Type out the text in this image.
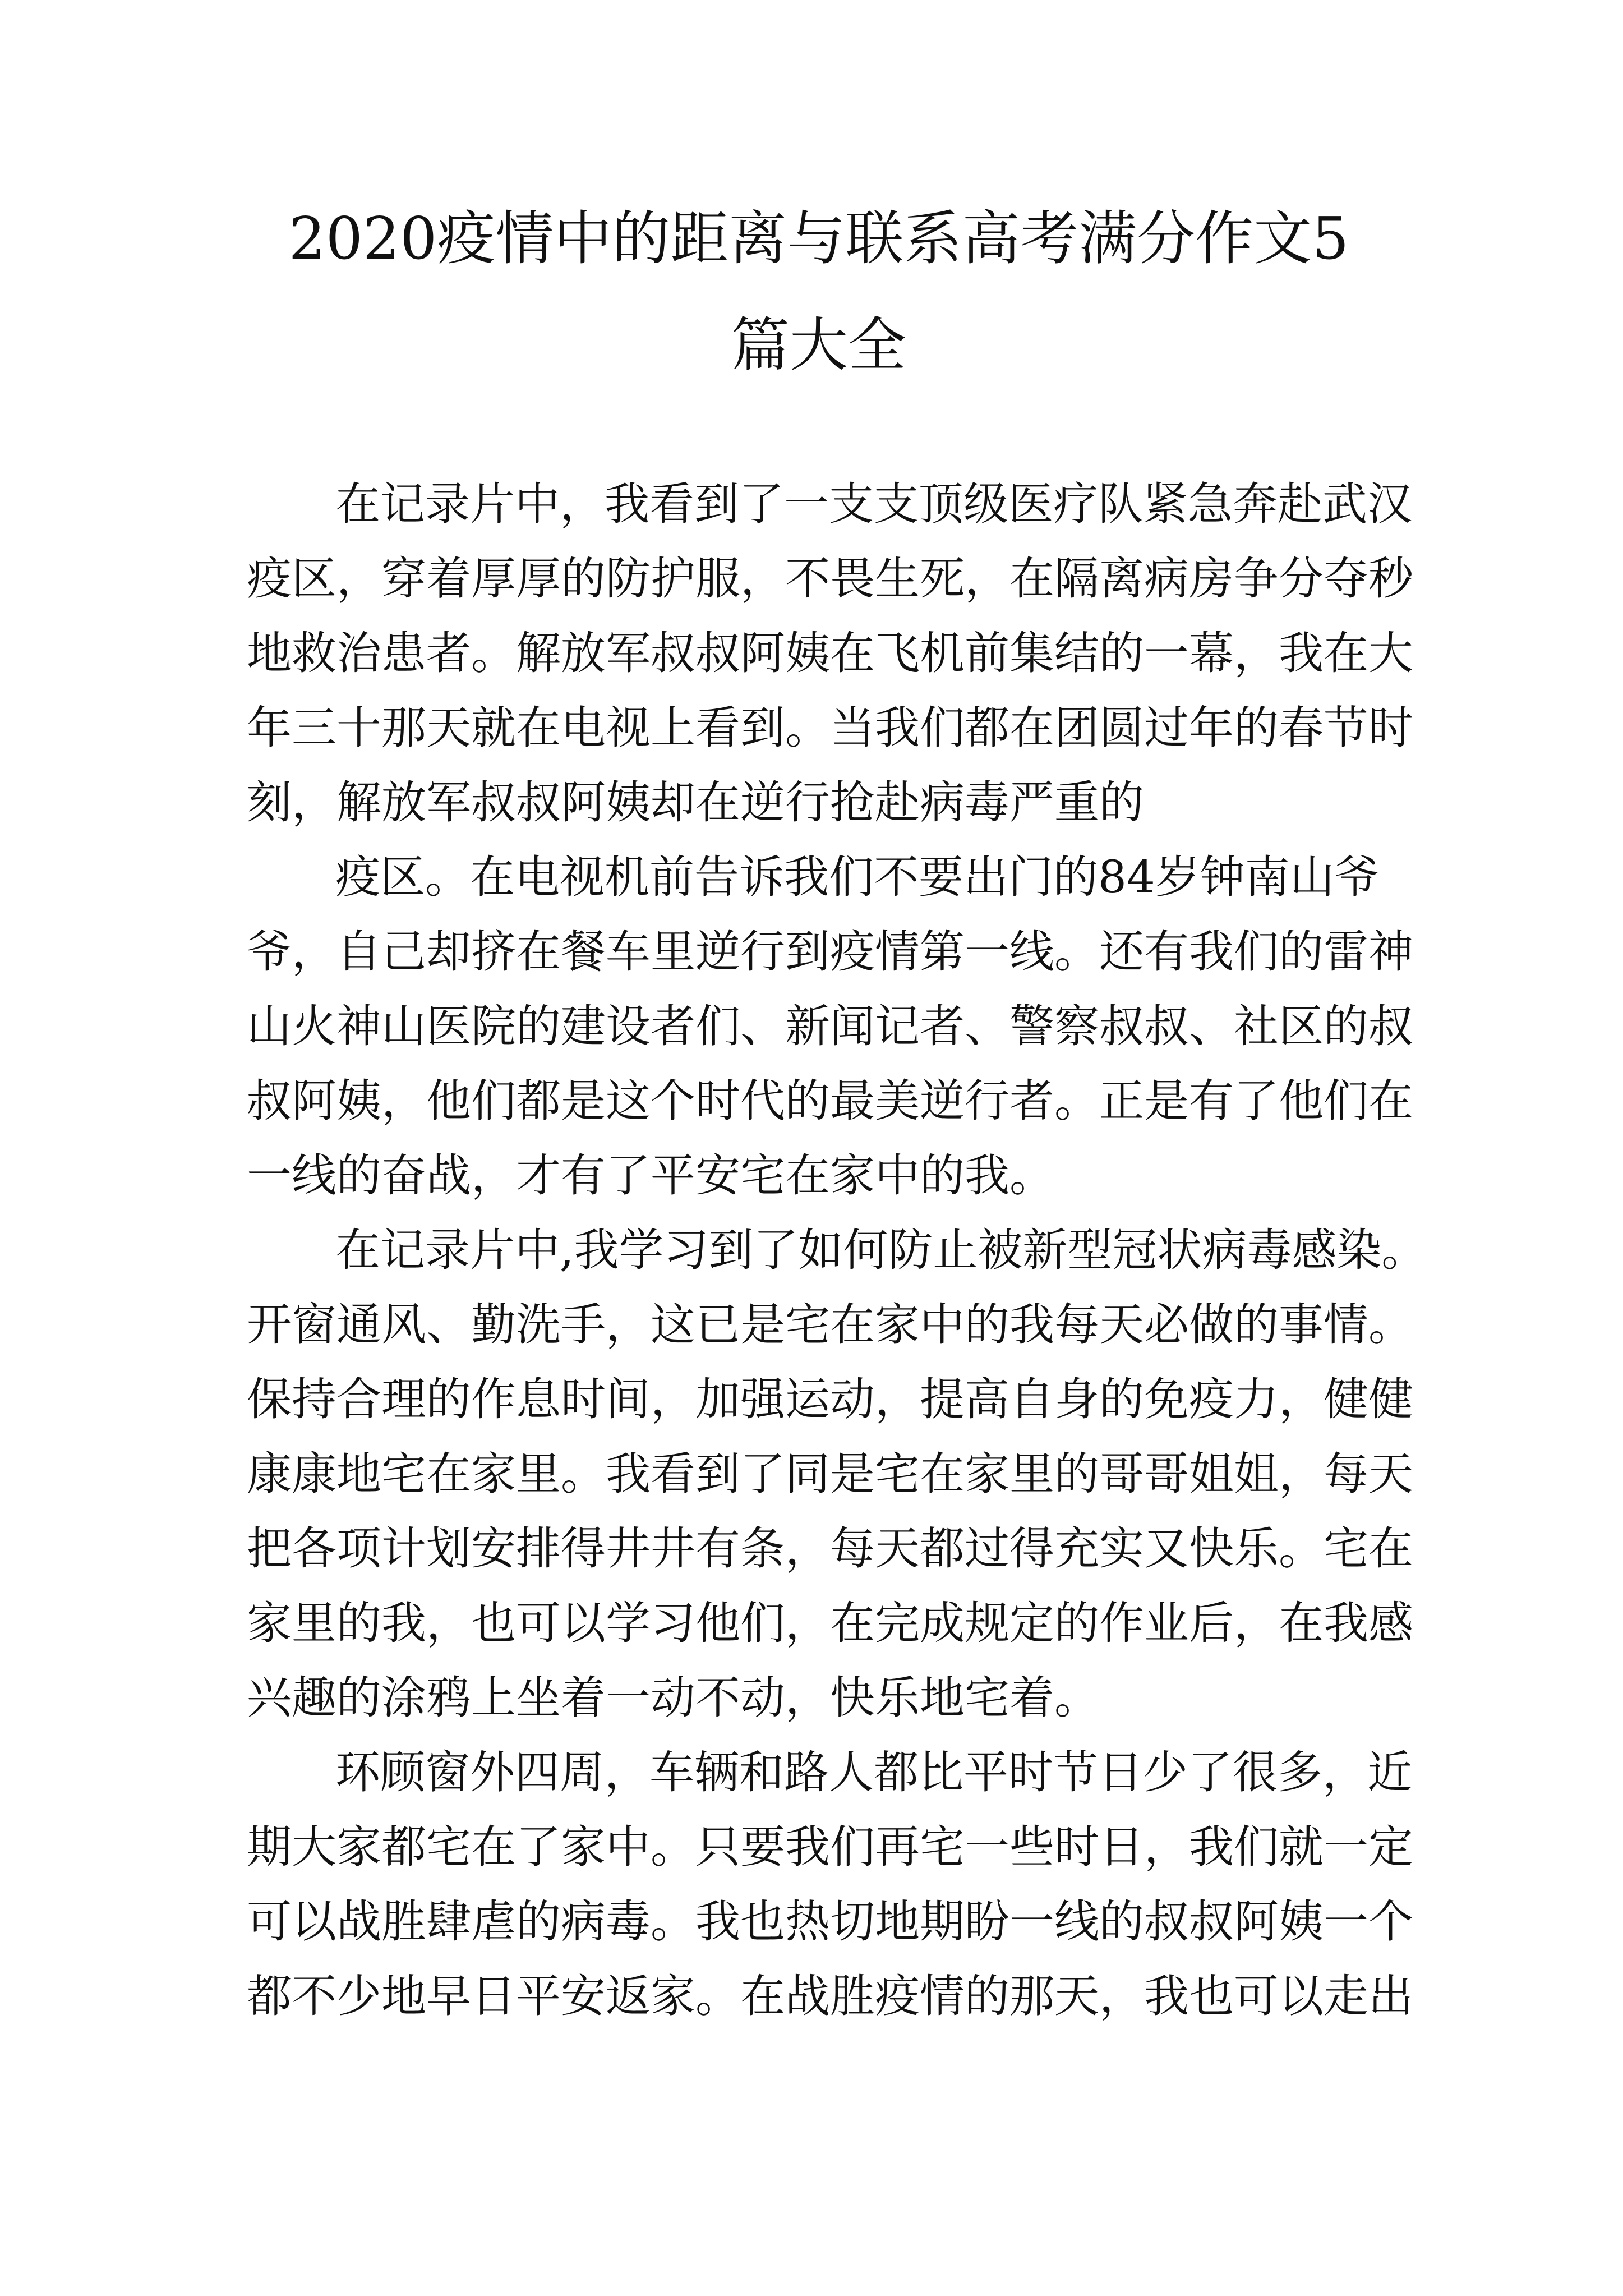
2020疫情中的距离与联系高考满分作文5
篇大全
在记录片中，我看到了一支支顶级医疗队紧急奔赴武汉
疫区，穿着厚厚的防护服，不畏生死，在隔离病房争分夺秒
地救治患者。解放军叔叔阿姨在飞机前集结的一幕，我在大
年三十那天就在电视上看到。当我们都在团圆过年的春节时
刻，解放军叔叔阿姨却在逆行抢赴病毒严重的
疫区。在电视机前告诉我们不要出门的84岁钟南山爷
爷，自己却挤在餐车里逆行到疫情第一线。还有我们的雷神
山火神山医院的建设者们、新闻记者、警察叔叔、社区的叔
叔阿姨，他们都是这个时代的最美逆行者。正是有了他们在
一线的奋战，才有了平安宅在家中的我。
在记录片中,我学习到了如何防止被新型冠状病毒感染。
开窗通风、勤洗手，这已是宅在家中的我每天必做的事情。
保持合理的作息时间，加强运动，提高自身的免疫力，健健
康康地宅在家里。我看到了同是宅在家里的哥哥姐姐，每天
把各项计划安排得井井有条，每天都过得充实又快乐。宅在
家里的我，也可以学习他们，在完成规定的作业后，在我感
兴趣的涂鸦上坐着一动不动，快乐地宅着。
环顾窗外四周，车辆和路人都比平时节日少了很多，近
期大家都宅在了家中。只要我们再宅一些时日，我们就一定
可以战胜肆虐的病毒。我也热切地期盼一线的叔叔阿姨一个
都不少地早日平安返家。在战胜疫情的那天，我也可以走出
